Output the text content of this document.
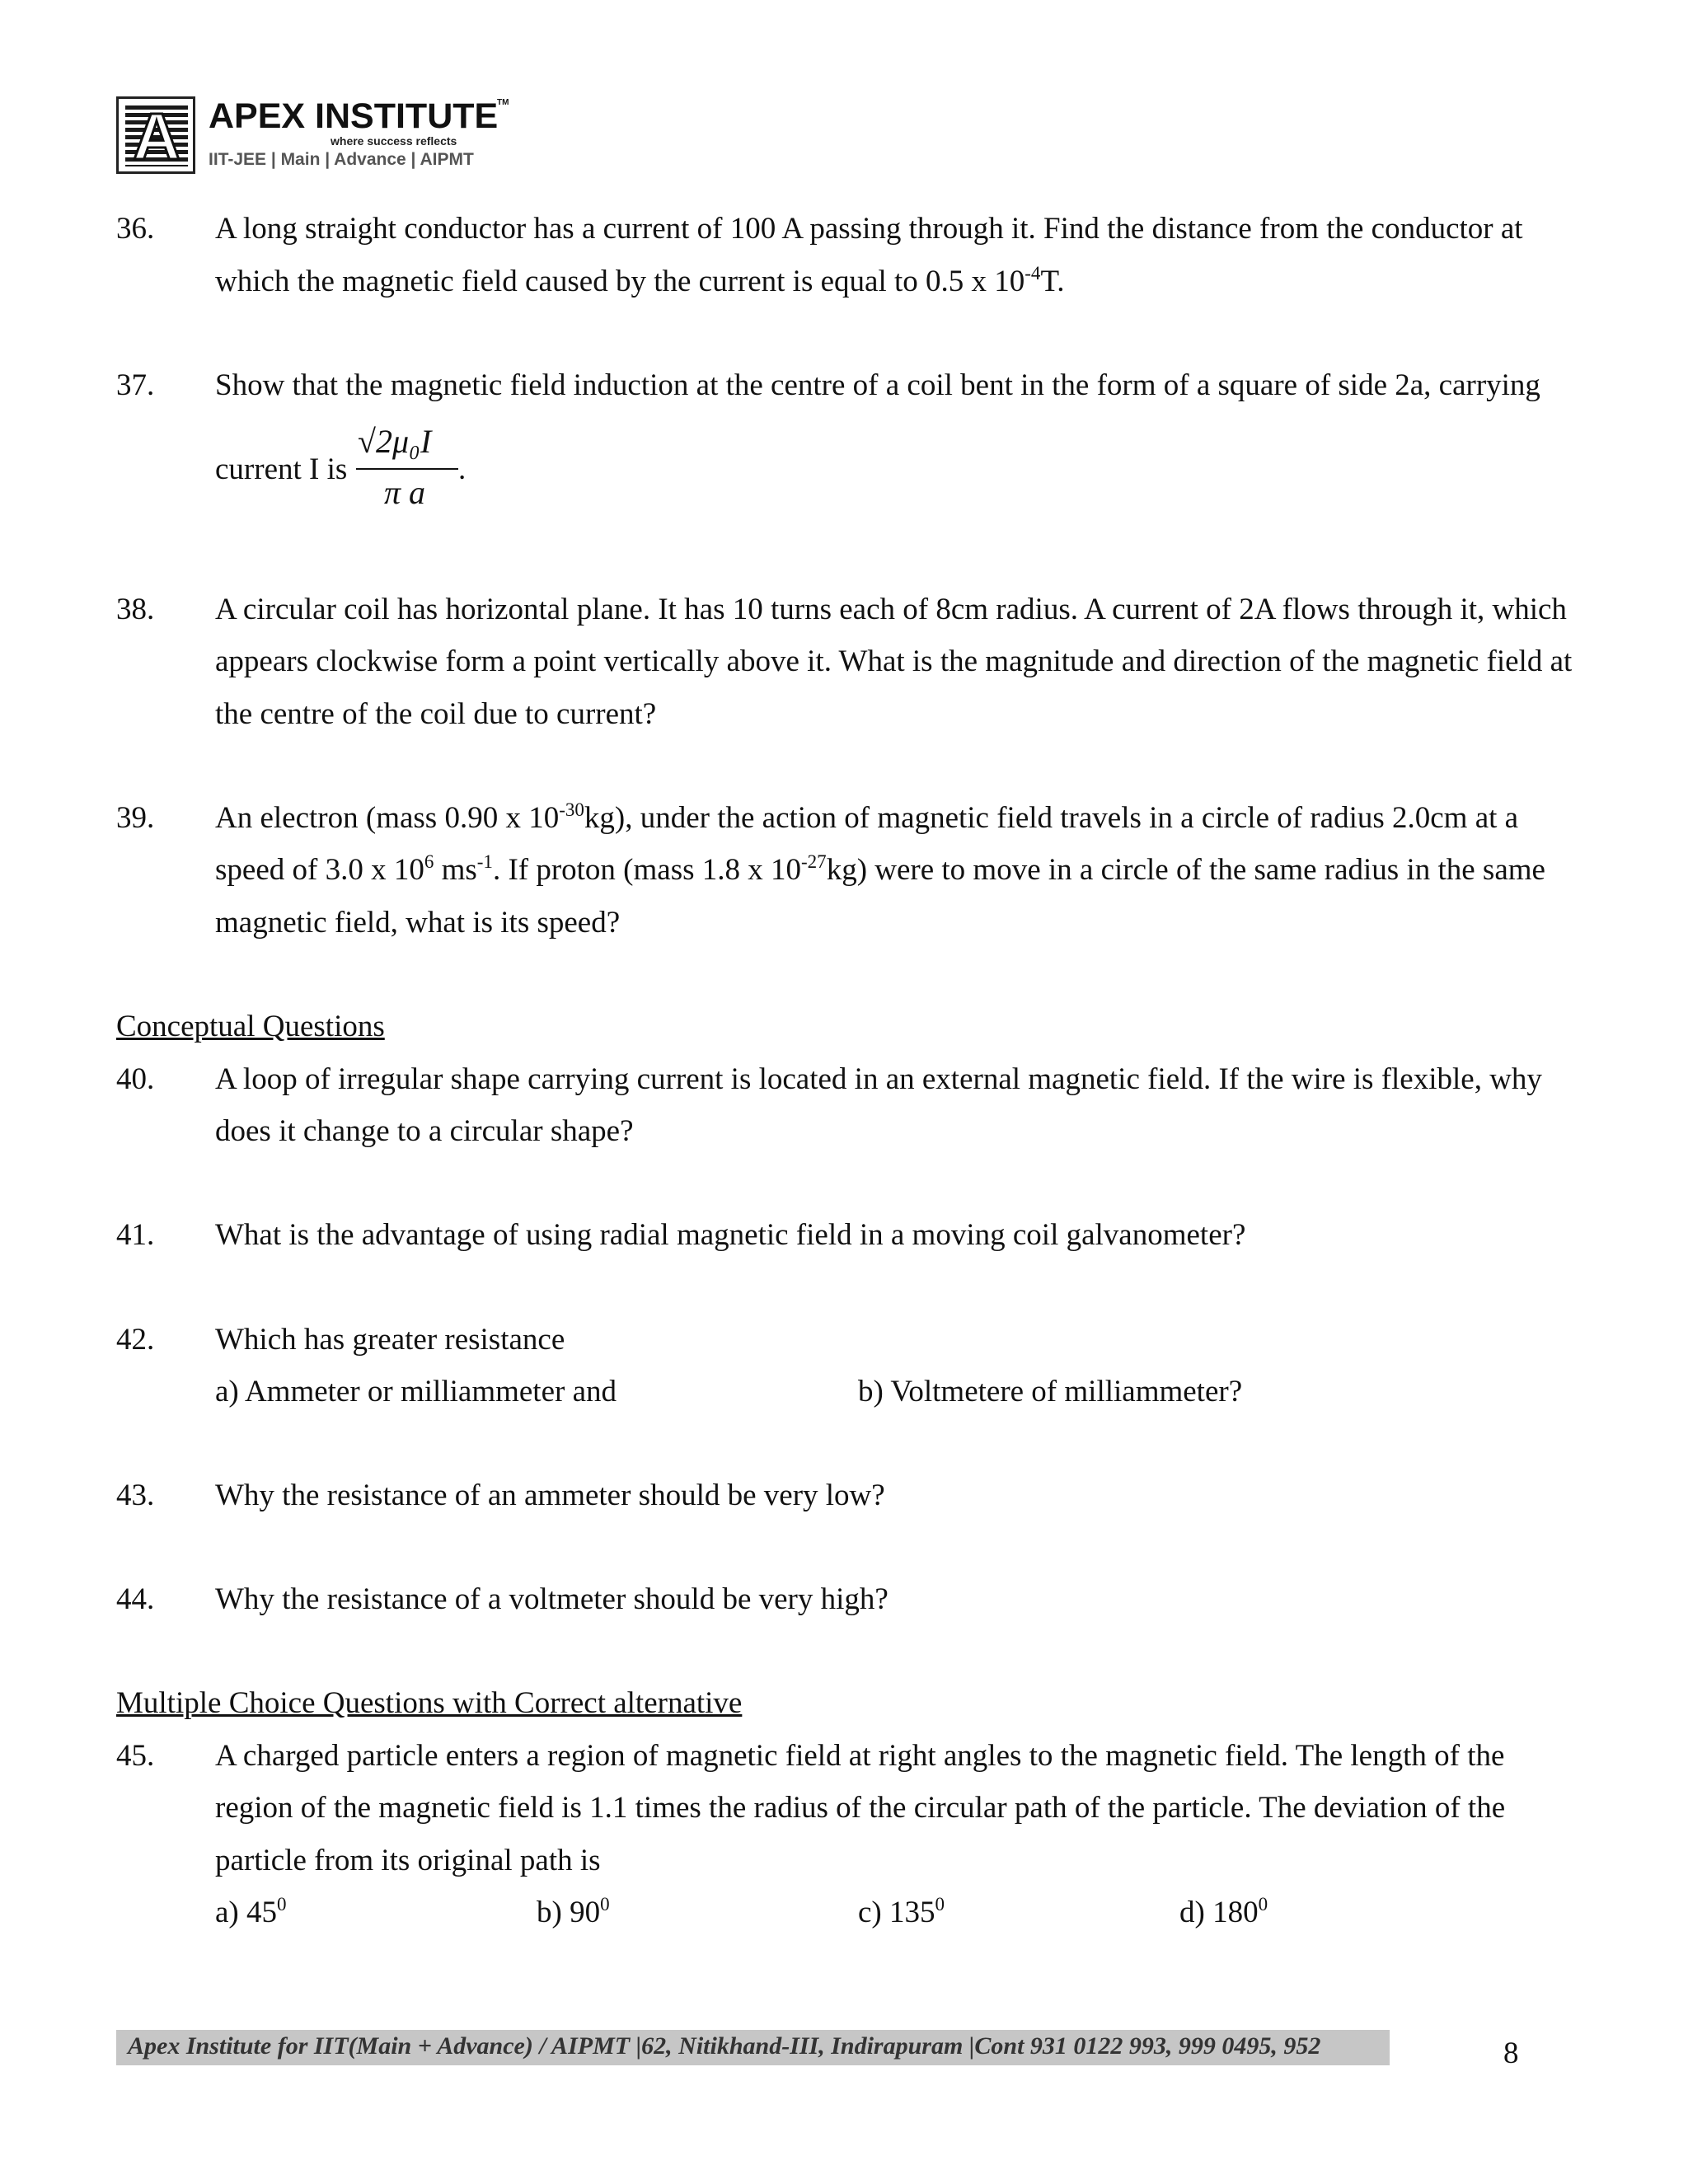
A APEX INSTITUTE
TM
where success reflects
IIT-JEE | Main | Advance | AIPMT
36. A long straight conductor has a current of 100 A passing through it. Find the distance from the conductor at
which the magnetic field caused by the current is equal to 0.5 x $10^{-4}T$.
37. Show that the magnetic field induction at the centre of a coil bent in the form of a square of side 2a, carrying
current I is
√2μ₀I
π a
.
38. A circular coil has horizontal plane. It has 10 turns each of 8cm radius. A current of 2A flows through it, which
appears clockwise form a point vertically above it. What is the magnitude and direction of the magnetic field at
the centre of the coil due to current?
39. An electron (mass 0.90 x $10^{-30}kg$), under the action of magnetic field travels in a circle of radius 2.0cm at a
speed of 3.0 x $10^6$ $ms^{-1}$. If proton (mass 1.8 x $10^{-27}kg$) were to move in a circle of the same radius in the same
magnetic field, what is its speed?
Conceptual Questions
40. A loop of irregular shape carrying current is located in an external magnetic field. If the wire is flexible, why
does it change to a circular shape?
41. What is the advantage of using radial magnetic field in a moving coil galvanometer?
42. Which has greater resistance
a) Ammeter or milliammeter and	b) Voltmetere of milliammeter?
43. Why the resistance of an ammeter should be very low?
44. Why the resistance of a voltmeter should be very high?
Multiple Choice Questions with Correct alternative
45. A charged particle enters a region of magnetic field at right angles to the magnetic field. The length of the
region of the magnetic field is 1.1 times the radius of the circular path of the particle. The deviation of the
particle from its original path is
a) $45^0$	b) $90^0$	c) $135^0$	d) $180^0$
Apex Institute for IIT(Main + Advance) / AIPMT |62, Nitikhand-III, Indirapuram |Cont 931 0122 993, 999 0495, 952	8
